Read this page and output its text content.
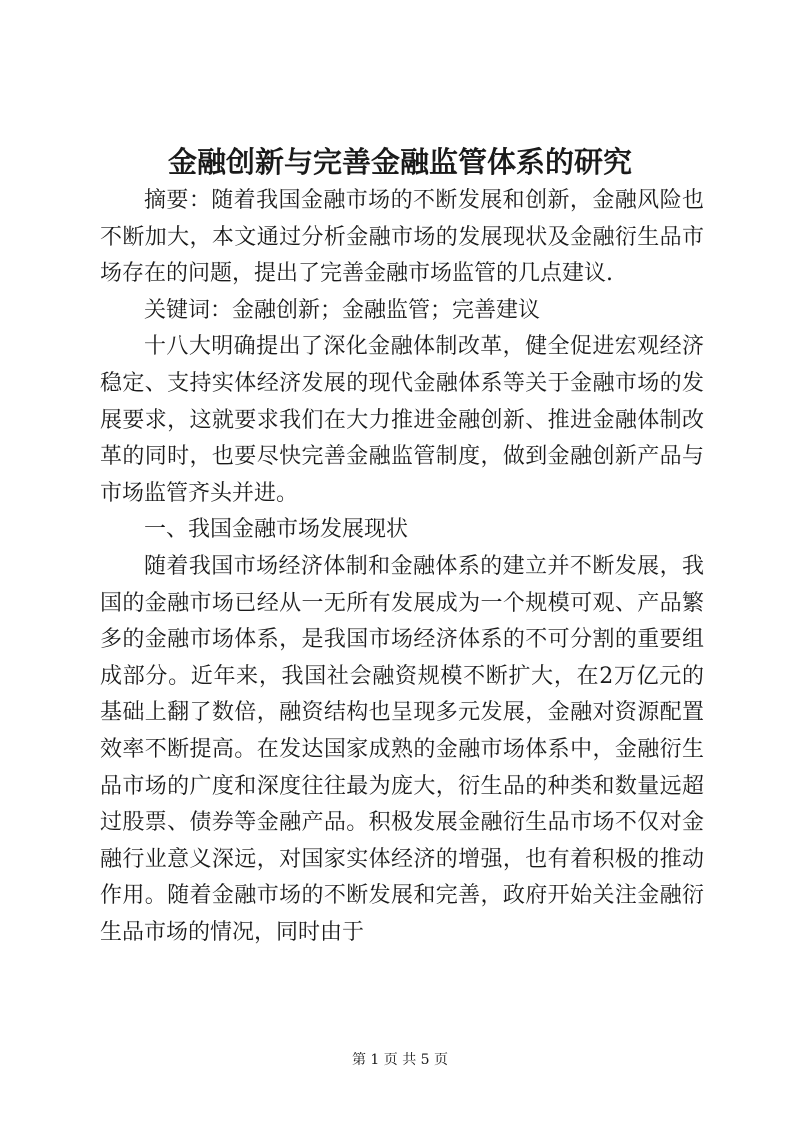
金融创新与完善金融监管体系的研究

摘要：随着我国金融市场的不断发展和创新，金融风险也不断加大，本文通过分析金融市场的发展现状及金融衍生品市场存在的问题，提出了完善金融市场监管的几点建议.

关键词：金融创新；金融监管；完善建议

十八大明确提出了深化金融体制改革，健全促进宏观经济稳定、支持实体经济发展的现代金融体系等关于金融市场的发展要求，这就要求我们在大力推进金融创新、推进金融体制改革的同时，也要尽快完善金融监管制度，做到金融创新产品与市场监管齐头并进。

一、我国金融市场发展现状

随着我国市场经济体制和金融体系的建立并不断发展，我国的金融市场已经从一无所有发展成为一个规模可观、产品繁多的金融市场体系，是我国市场经济体系的不可分割的重要组成部分。近年来，我国社会融资规模不断扩大，在2万亿元的基础上翻了数倍，融资结构也呈现多元发展，金融对资源配置效率不断提高。在发达国家成熟的金融市场体系中，金融衍生品市场的广度和深度往往最为庞大，衍生品的种类和数量远超过股票、债券等金融产品。积极发展金融衍生品市场不仅对金融行业意义深远，对国家实体经济的增强，也有着积极的推动作用。随着金融市场的不断发展和完善，政府开始关注金融衍生品市场的情况，同时由于

第 1 页 共 5 页
